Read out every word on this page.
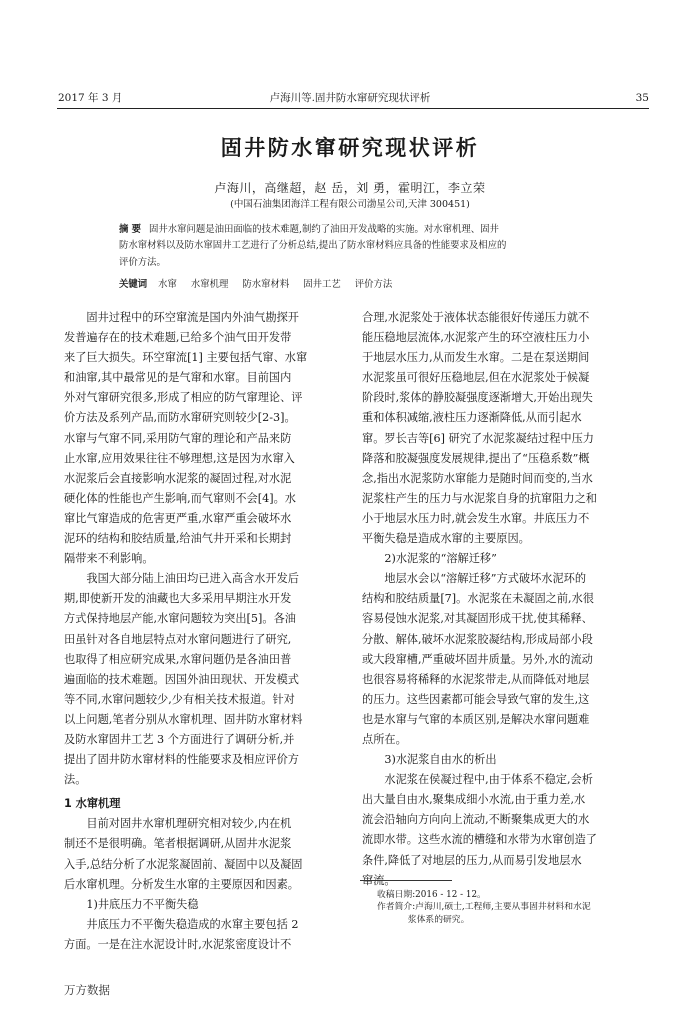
2017 年 3 月	卢海川等.固井防水窜研究现状评析	35
固井防水窜研究现状评析
卢海川，高继超，赵 岳，刘 勇，霍明江，李立荣
(中国石油集团海洋工程有限公司渤星公司,天津 300451)

摘 要 固井水窜问题是油田面临的技术难题,制约了油田开发战略的实施。对水窜机理、固井

防水窜材料以及防水窜固井工艺进行了分析总结,提出了防水窜材料应具备的性能要求及相应的

评价方法。

关键词 水窜 水窜机理 防水窜材料 固井工艺 评价方法

固井过程中的环空窜流是国内外油气勘探开

发普遍存在的技术难题,已给多个油气田开发带

来了巨大损失。环空窜流[1] 主要包括气窜、水窜

和油窜,其中最常见的是气窜和水窜。目前国内

外对气窜研究很多,形成了相应的防气窜理论、评

价方法及系列产品,而防水窜研究则较少[2-3]。

水窜与气窜不同,采用防气窜的理论和产品来防

止水窜,应用效果往往不够理想,这是因为水窜入

水泥浆后会直接影响水泥浆的凝固过程,对水泥

硬化体的性能也产生影响,而气窜则不会[4]。水

窜比气窜造成的危害更严重,水窜严重会破坏水

泥环的结构和胶结质量,给油气井开采和长期封

隔带来不利影响。

我国大部分陆上油田均已进入高含水开发后

期,即使新开发的油藏也大多采用早期注水开发

方式保持地层产能,水窜问题较为突出[5]。各油

田虽针对各自地层特点对水窜问题进行了研究,

也取得了相应研究成果,水窜问题仍是各油田普

遍面临的技术难题。因国外油田现状、开发模式

等不同,水窜问题较少,少有相关技术报道。针对

以上问题,笔者分别从水窜机理、固井防水窜材料

及防水窜固井工艺 3 个方面进行了调研分析,并

提出了固井防水窜材料的性能要求及相应评价方

法。

1 水窜机理

目前对固井水窜机理研究相对较少,内在机

制还不是很明确。笔者根据调研,从固井水泥浆

入手,总结分析了水泥浆凝固前、凝固中以及凝固

后水窜机理。分析发生水窜的主要原因和因素。

1)井底压力不平衡失稳

井底压力不平衡失稳造成的水窜主要包括 2

方面。一是在注水泥设计时,水泥浆密度设计不

合理,水泥浆处于液体状态能很好传递压力就不

能压稳地层流体,水泥浆产生的环空液柱压力小

于地层水压力,从而发生水窜。二是在泵送期间

水泥浆虽可很好压稳地层,但在水泥浆处于候凝

阶段时,浆体的静胶凝强度逐渐增大,开始出现失

重和体积减缩,液柱压力逐渐降低,从而引起水

窜。罗长吉等[6] 研究了水泥浆凝结过程中压力

降落和胶凝强度发展规律,提出了“压稳系数”概

念,指出水泥浆防水窜能力是随时间而变的,当水

泥浆柱产生的压力与水泥浆自身的抗窜阻力之和

小于地层水压力时,就会发生水窜。井底压力不

平衡失稳是造成水窜的主要原因。

2)水泥浆的“溶解迁移”

地层水会以“溶解迁移”方式破坏水泥环的

结构和胶结质量[7]。水泥浆在未凝固之前,水很

容易侵蚀水泥浆,对其凝固形成干扰,使其稀释、

分散、解体,破坏水泥浆胶凝结构,形成局部小段

或大段窜槽,严重破坏固井质量。另外,水的流动

也很容易将稀释的水泥浆带走,从而降低对地层

的压力。这些因素都可能会导致气窜的发生,这

也是水窜与气窜的本质区别,是解决水窜问题难

点所在。

3)水泥浆自由水的析出

水泥浆在侯凝过程中,由于体系不稳定,会析

出大量自由水,聚集成细小水流,由于重力差,水

流会沿轴向方向向上流动,不断聚集成更大的水

流即水带。这些水流的槽缝和水带为水窜创造了

条件,降低了对地层的压力,从而易引发地层水

窜流。

收稿日期:2016 - 12 - 12。

作者简介:卢海川,硕士,工程师,主要从事固井材料和水泥

浆体系的研究。

万方数据
